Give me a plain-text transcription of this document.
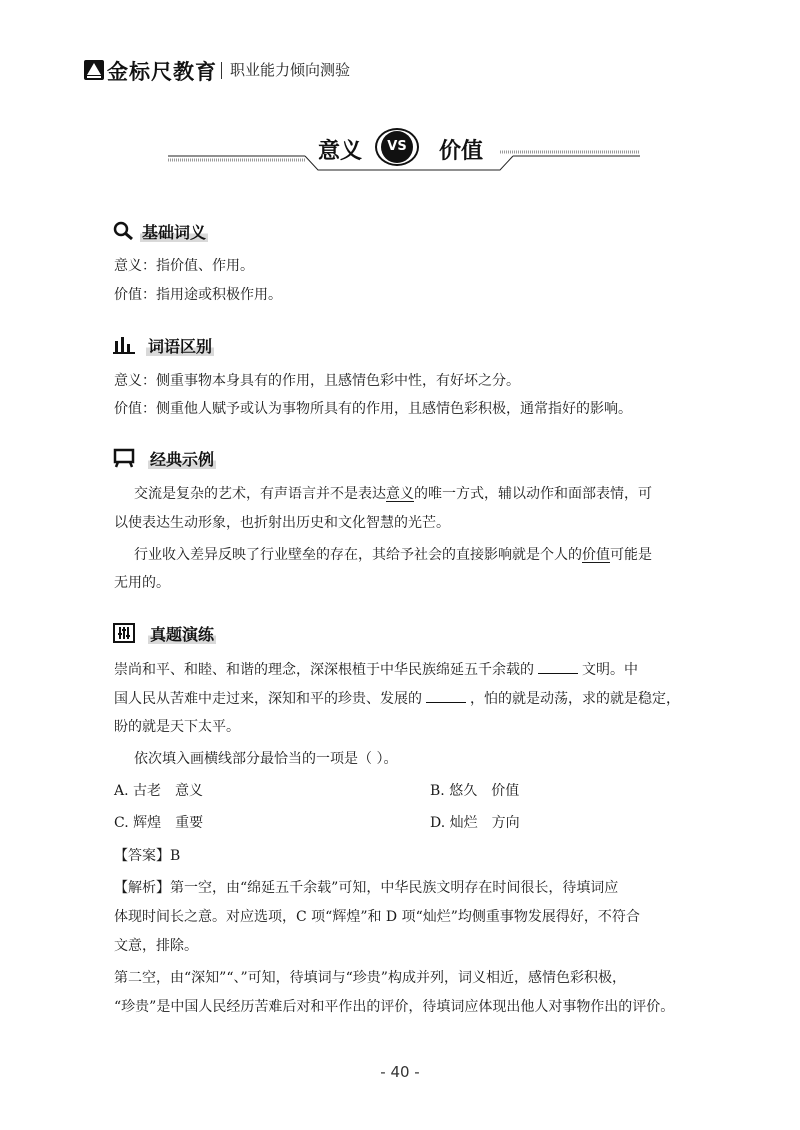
金标尺教育 职业能力倾向测验
意义	VS 价值
基础词义
意义：指价值、作用。
价值：指用途或积极作用。
词语区别
意义：侧重事物本身具有的作用，且感情色彩中性，有好坏之分。
价值：侧重他人赋予或认为事物所具有的作用，且感情色彩积极，通常指好的影响。
经典示例
交流是复杂的艺术，有声语言并不是表达意义的唯一方式，辅以动作和面部表情，可
以使表达生动形象，也折射出历史和文化智慧的光芒。
行业收入差异反映了行业壁垒的存在，其给予社会的直接影响就是个人的价值可能是
无用的。
真题演练
崇尚和平、和睦、和谐的理念，深深根植于中华民族绵延五千余载的	文明。中
国人民从苦难中走过来，深知和平的珍贵、发展的	，怕的就是动荡，求的就是稳定，
盼的就是天下太平。
依次填入画横线部分最恰当的一项是（ ）。
A. 古老　意义	B. 悠久　价值
C. 辉煌　重要	D. 灿烂　方向
【答案】B
【解析】第一空，由“绵延五千余载”可知，中华民族文明存在时间很长，待填词应
体现时间长之意。对应选项，C 项“辉煌”和 D 项“灿烂”均侧重事物发展得好，不符合
文意，排除。
第二空，由“深知”“、”可知，待填词与“珍贵”构成并列，词义相近，感情色彩积极，
“珍贵”是中国人民经历苦难后对和平作出的评价，待填词应体现出他人对事物作出的评价。
- 40 -
